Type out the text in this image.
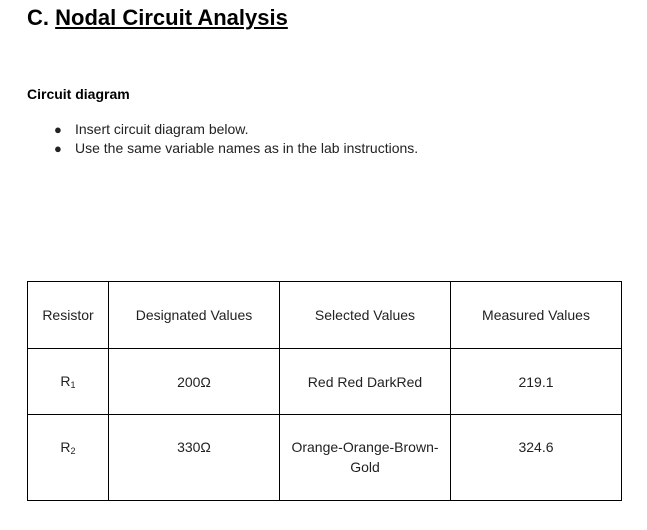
C. Nodal Circuit Analysis
Circuit diagram
● Insert circuit diagram below.
● Use the same variable names as in the lab instructions.
Resistor	Designated Values	Selected Values	Measured Values
$R_1$	200Ω	Red Red DarkRed	219.1
$R_2$	330Ω	Orange-Orange-Brown-Gold	324.6
